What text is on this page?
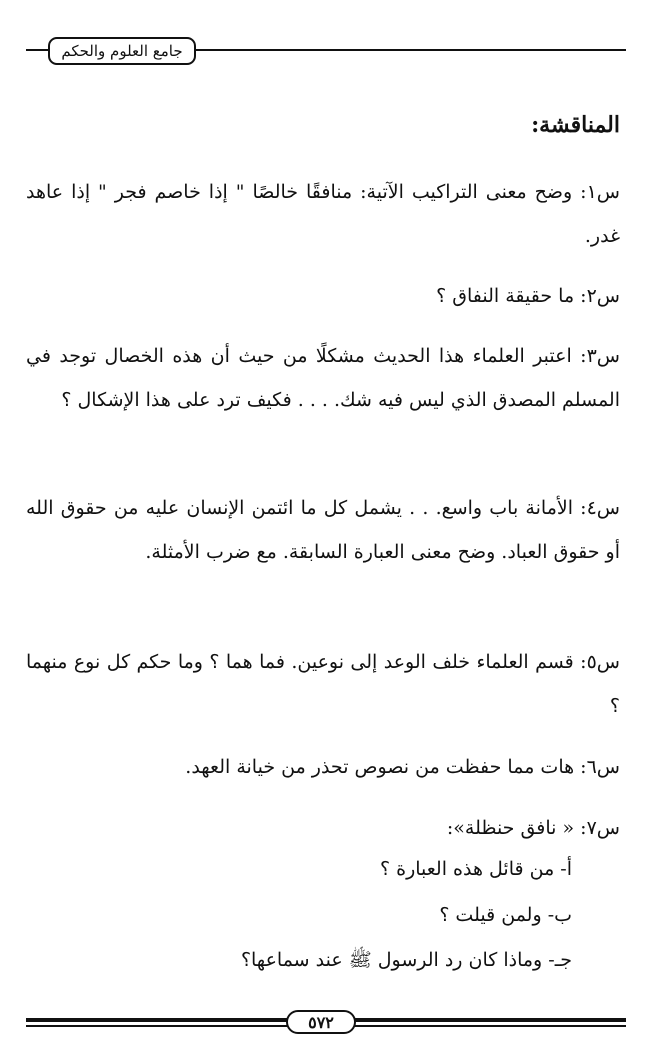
جامع العلوم والحكم
المناقشة:
س١: وضح معنى التراكيب الآتية: منافقًا خالصًا " إذا خاصم فجر " إذا عاهد غدر.
س٢: ما حقيقة النفاق ؟
س٣: اعتبر العلماء هذا الحديث مشكلًا من حيث أن هذه الخصال توجد في المسلم المصدق الذي ليس فيه شك. . . . فكيف ترد على هذا الإشكال ؟
س٤: الأمانة باب واسع. . . يشمل كل ما ائتمن الإنسان عليه من حقوق الله أو حقوق العباد. وضح معنى العبارة السابقة. مع ضرب الأمثلة.
س٥: قسم العلماء خلف الوعد إلى نوعين. فما هما ؟ وما حكم كل نوع منهما ؟
س٦: هات مما حفظت من نصوص تحذر من خيانة العهد.
س٧: « نافق حنظلة»:
أ- من قائل هذه العبارة ؟
ب- ولمن قيلت ؟
جـ- وماذا كان رد الرسول ﷺ عند سماعها؟
٥٧٢
